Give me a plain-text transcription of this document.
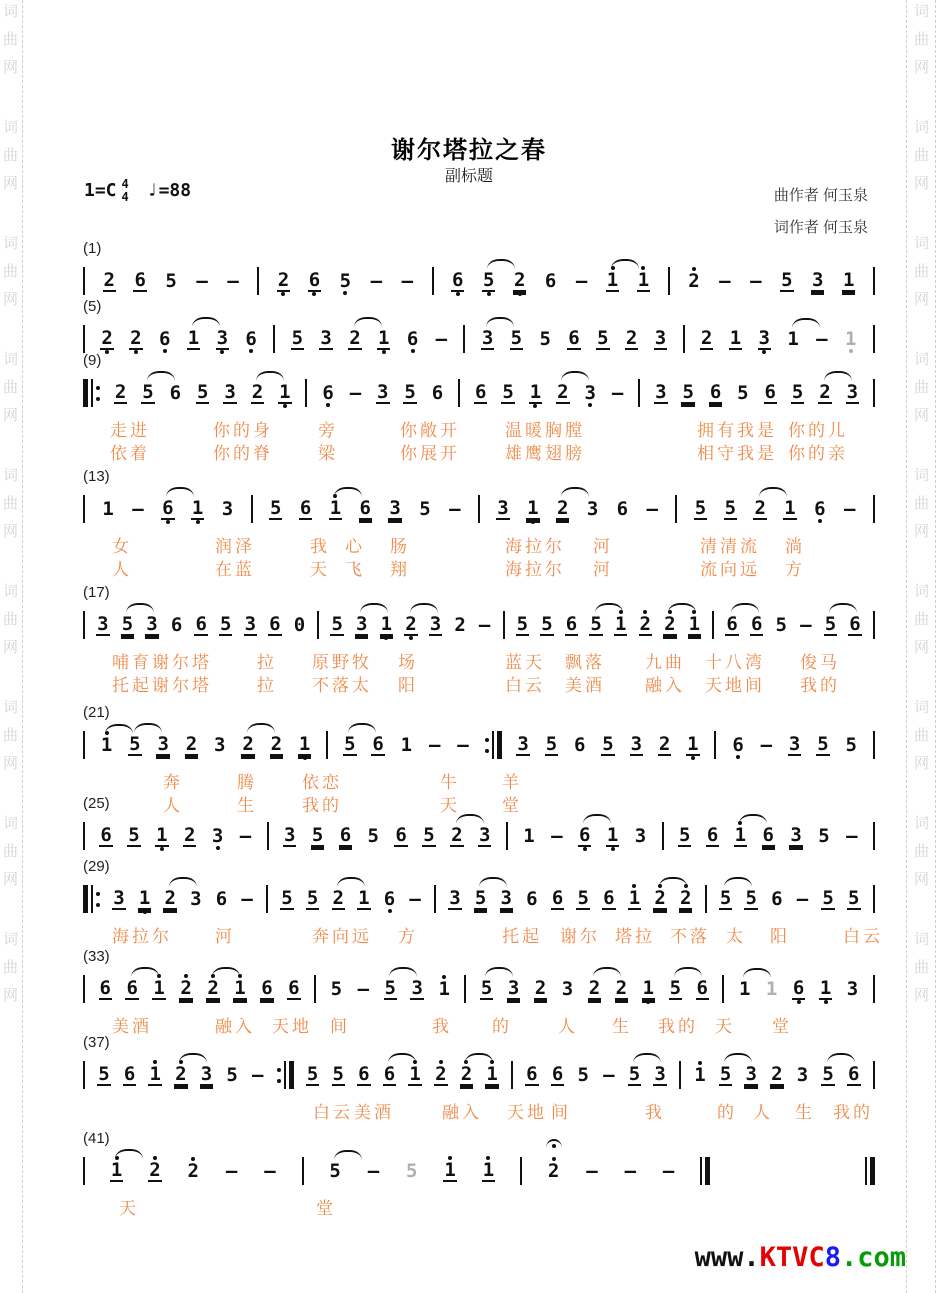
词
曲
网
词
曲
网
词
曲
网
词
曲
网
词
曲
网
词
曲
网
词
曲
网
词
曲
网
词
曲
网
词
曲
网
词
曲
网
词
曲
网
词
曲
网
词
曲
网
词
曲
网
词
曲
网
词
曲
网
词
曲
网
谢尔塔拉之春
副标题
1=C 4
4 ♩ =88	曲作者 何玉泉
词作者 何玉泉
(1)
2 6 5 – – 2 6 5 – – 6 5 2 6 – 1 1 2 – – 5 3 1
(5)
2 2 6 1 3 6 5 3 2 1 6 – 3 5 5 6 5 2 3 2 1 3 1 – 1
(9)
2 5 6 5 3 2 1 6 – 3 5 6 6 5 1 2 3 – 3 5 6 5 6 5 2 3
走进	你的身	旁	你敞开	温暖胸膛	拥有我是 你的儿
依着	你的脊	梁	你展开	雄鹰翅膀	相守我是 你的亲
(13)
1 – 6 1 3 5 6 1 6 3 5 – 3 1 2 3 6 – 5 5 2 1 6 –
女	润泽	我 心 肠	海拉尔 河	清清流 淌
人	在蓝	天 飞 翔	海拉尔 河	流向远 方
(17)
3 5 3 6 6 5 3 6 0 5 3 1 2 3 2 – 5 5 6 5 1 2 2 1 6 6 5 – 5 6
哺育谢尔塔	拉 原野牧 场	蓝天 飘落 九曲 十八湾 俊马
托起谢尔塔	拉 不落太 阳	白云 美酒 融入 天地间 我的
(21)
1 5 3 2 3 2 2 1 5 6 1 – –	3 5 6 5 3 2 1 6 – 3 5 5
奔	腾	依恋	牛 羊
人	生	我的	天 堂
(25)
6 5 1 2 3 – 3 5 6 5 6 5 2 3 1 – 6 1 3 5 6 1 6 3 5 –
(29)
3 1 2 3 6 – 5 5 2 1 6 – 3 5 3 6 6 5 6 1 2 2 5 5 6 – 5 5
海拉尔	河	奔向远 方	托起 谢尔 塔拉 不落 太 阳	白云
(33)
6 6 1 2 2 1 6 6 5 – 5 3 1 5 3 2 3 2 2 1 5 6 1 1 6 1 3
美酒	融入 天地 间	我 的	人 生 我的 天 堂
(37)
5 6 1 2 3 5 – 5 5 6 6 1 2 2 1 6 6 5 – 5 3 1 5 3 2 3 5 6
白云 美酒	融入 天地 间	我	的 人 生 我的
(41)
1 2 2 – –	5 – 5 1 1	2 – – –
天	堂
www.KTVC8.com
